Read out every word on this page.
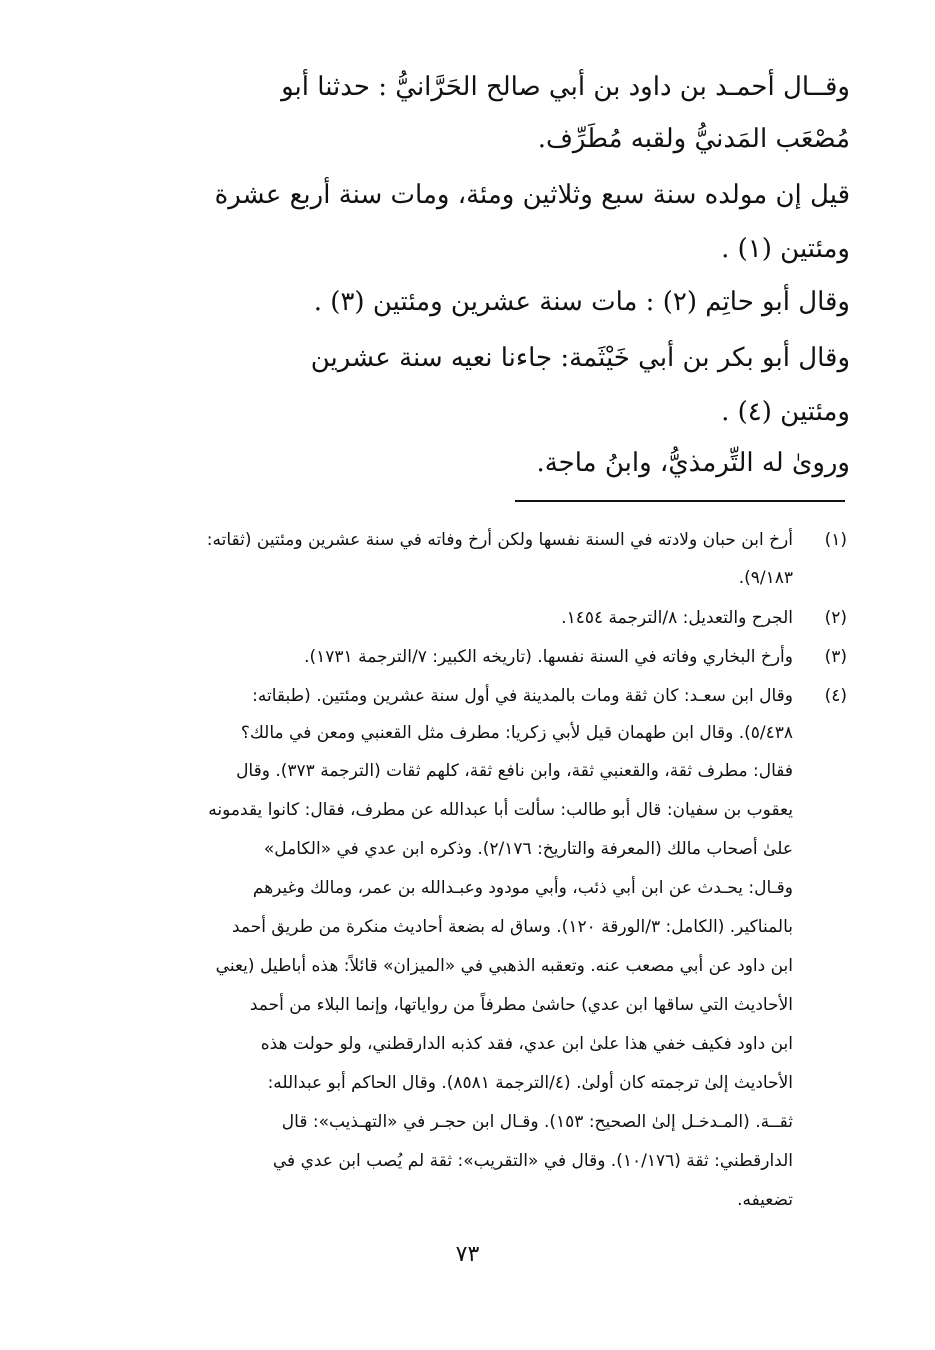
وقــال أحمـد بن داود بن أبي صالح الحَرَّانيُّ : حدثنا أبو
مُصْعَب المَدنيُّ ولقبه مُطَرِّف.
قيل إن مولده سنة سبع وثلاثين ومئة، ومات سنة أربع عشرة
ومئتين (١) .
وقال أبو حاتِم (٢) : مات سنة عشرين ومئتين (٣) .
وقال أبو بكر بن أبي خَيْثَمة: جاءنا نعيه سنة عشرين
ومئتين (٤) .
وروىٰ له التِّرمذيُّ، وابنُ ماجة.
(١)
(٢)
(٣)
(٤)
أرخ ابن حبان ولادته في السنة نفسها ولكن أرخ وفاته في سنة عشرين ومئتين (ثقاته:
٩/١٨٣).
الجرح والتعديل: ٨/الترجمة ١٤٥٤.
وأرخ البخاري وفاته في السنة نفسها. (تاريخه الكبير: ٧/الترجمة ١٧٣١).
وقال ابن سعـد: كان ثقة ومات بالمدينة في أول سنة عشرين ومئتين. (طبقاته:
٥/٤٣٨). وقال ابن طهمان قيل لأبي زكريا: مطرف مثل القعنبي ومعن في مالك؟
فقال: مطرف ثقة، والقعنبي ثقة، وابن نافع ثقة، كلهم ثقات (الترجمة ٣٧٣). وقال
يعقوب بن سفيان: قال أبو طالب: سألت أبا عبدالله عن مطرف، فقال: كانوا يقدمونه
علىٰ أصحاب مالك (المعرفة والتاريخ: ٢/١٧٦). وذكره ابن عدي في «الكامل»
وقـال: يحـدث عن ابن أبي ذئب، وأبي مودود وعبـدالله بن عمر، ومالك وغيرهم
بالمناكير. (الكامل: ٣/الورقة ١٢٠). وساق له بضعة أحاديث منكرة من طريق أحمد
ابن داود عن أبي مصعب عنه. وتعقبه الذهبي في «الميزان» قائلاً: هذه أباطيل (يعني
الأحاديث التي ساقها ابن عدي) حاشىٰ مطرفاً من رواياتها، وإنما البلاء من أحمد
ابن داود فكيف خفي هذا علىٰ ابن عدي، فقد كذبه الدارقطني، ولو حولت هذه
الأحاديث إلىٰ ترجمته كان أولىٰ. (٤/الترجمة ٨٥٨١). وقال الحاكم أبو عبدالله:
ثقــة. (المـدخـل إلىٰ الصحيح: ١٥٣). وقـال ابن حجـر في «التهـذيب»: قال
الدارقطني: ثقة (١٠/١٧٦). وقال في «التقريب»: ثقة لم يُصب ابن عدي في
تضعيفه.
٧٣
